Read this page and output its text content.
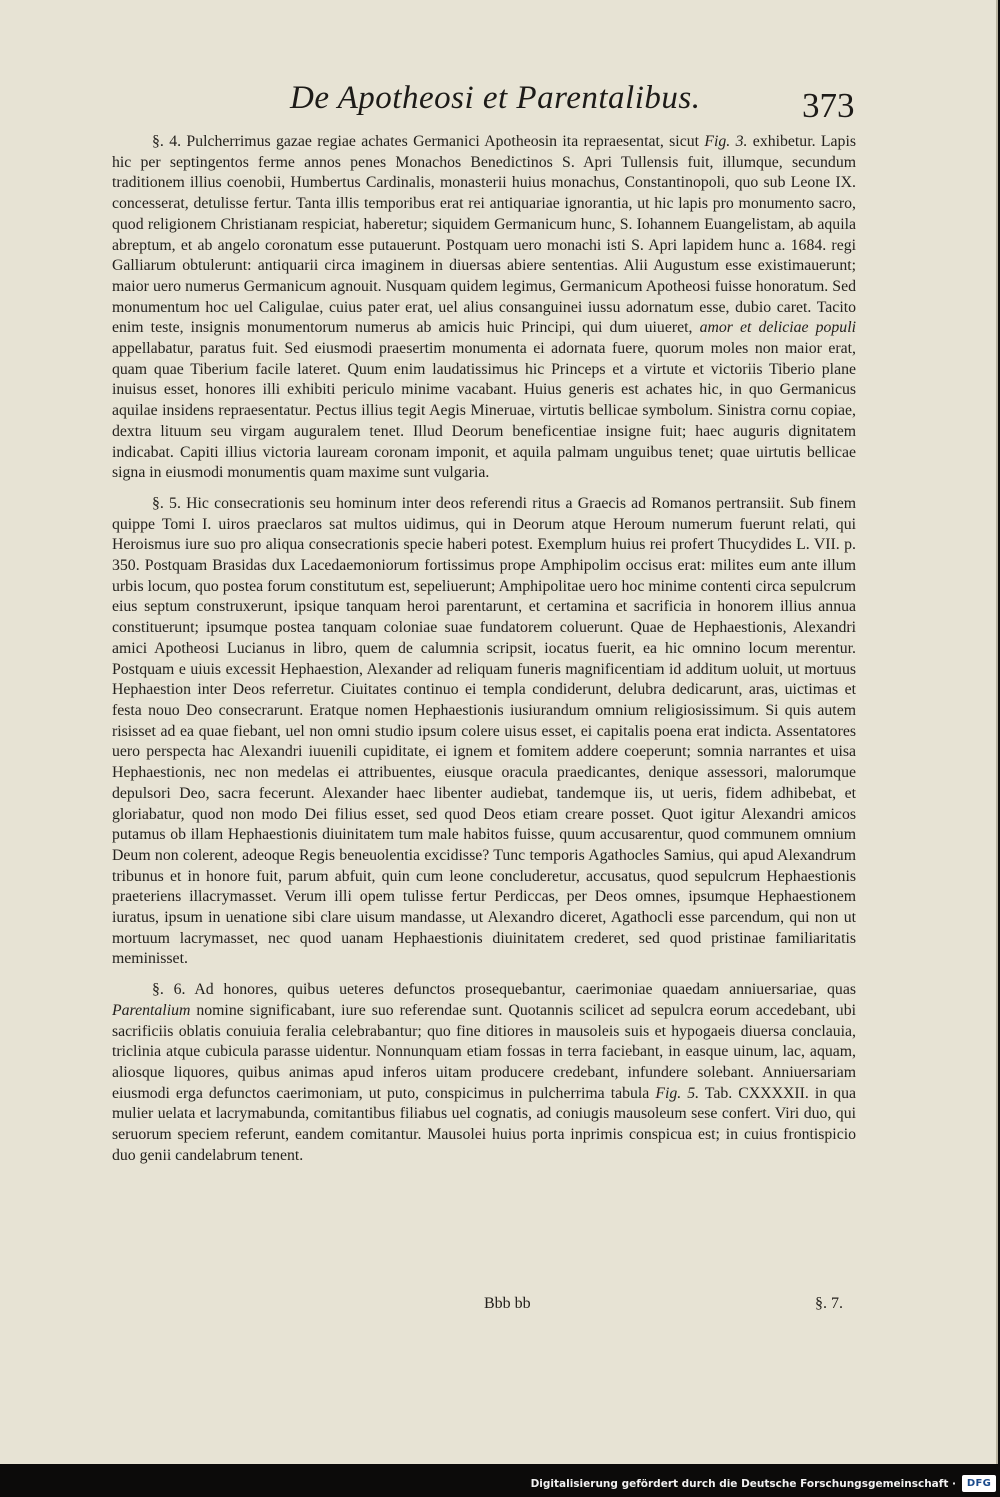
De Apotheosi et Parentalibus.	373

§. 4. Pulcherrimus gazae regiae achates Germanici Apotheosin ita repraesentat, sicut Fig. 3. exhibetur. Lapis hic per septingentos ferme annos penes Monachos Benedictinos S. Apri Tullensis fuit, illumque, secundum traditionem illius coenobii, Humbertus Cardinalis, monasterii huius monachus, Constantinopoli, quo sub Leone IX. concesserat, detulisse fertur. Tanta illis temporibus erat rei antiquariae ignorantia, ut hic lapis pro monumento sacro, quod religionem Christianam respiciat, haberetur; siquidem Germanicum hunc, S. Iohannem Euangelistam, ab aquila abreptum, et ab angelo coronatum esse putauerunt. Postquam uero monachi isti S. Apri lapidem hunc a. 1684. regi Galliarum obtulerunt: antiquarii circa imaginem in diuersas abiere sententias. Alii Augustum esse existimauerunt; maior uero numerus Germanicum agnouit. Nusquam quidem legimus, Germanicum Apotheosi fuisse honoratum. Sed monumentum hoc uel Caligulae, cuius pater erat, uel alius consanguinei iussu adornatum esse, dubio caret. Tacito enim teste, insignis monumentorum numerus ab amicis huic Principi, qui dum uiueret, amor et deliciae populi appellabatur, paratus fuit. Sed eiusmodi praesertim monumenta ei adornata fuere, quorum moles non maior erat, quam quae Tiberium facile lateret. Quum enim laudatissimus hic Princeps et a virtute et victoriis Tiberio plane inuisus esset, honores illi exhibiti periculo minime vacabant. Huius generis est achates hic, in quo Germanicus aquilae insidens repraesentatur. Pectus illius tegit Aegis Mineruae, virtutis bellicae symbolum. Sinistra cornu copiae, dextra lituum seu virgam auguralem tenet. Illud Deorum beneficentiae insigne fuit; haec auguris dignitatem indicabat. Capiti illius victoria lauream coronam imponit, et aquila palmam unguibus tenet; quae uirtutis bellicae signa in eiusmodi monumentis quam maxime sunt vulgaria.

§. 5. Hic consecrationis seu hominum inter deos referendi ritus a Graecis ad Romanos pertransiit. Sub finem quippe Tomi I. uiros praeclaros sat multos uidimus, qui in Deorum atque Heroum numerum fuerunt relati, qui Heroismus iure suo pro aliqua consecrationis specie haberi potest. Exemplum huius rei profert Thucydides L. VII. p. 350. Postquam Brasidas dux Lacedaemoniorum fortissimus prope Amphipolim occisus erat: milites eum ante illum urbis locum, quo postea forum constitutum est, sepeliuerunt; Amphipolitae uero hoc minime contenti circa sepulcrum eius septum construxerunt, ipsique tanquam heroi parentarunt, et certamina et sacrificia in honorem illius annua constituerunt; ipsumque postea tanquam coloniae suae fundatorem coluerunt. Quae de Hephaestionis, Alexandri amici Apotheosi Lucianus in libro, quem de calumnia scripsit, iocatus fuerit, ea hic omnino locum merentur. Postquam e uiuis excessit Hephaestion, Alexander ad reliquam funeris magnificentiam id additum uoluit, ut mortuus Hephaestion inter Deos referretur. Ciuitates continuo ei templa condiderunt, delubra dedicarunt, aras, uictimas et festa nouo Deo consecrarunt. Eratque nomen Hephaestionis iusiurandum omnium religiosissimum. Si quis autem risisset ad ea quae fiebant, uel non omni studio ipsum colere uisus esset, ei capitalis poena erat indicta. Assentatores uero perspecta hac Alexandri iuuenili cupiditate, ei ignem et fomitem addere coeperunt; somnia narrantes et uisa Hephaestionis, nec non medelas ei attribuentes, eiusque oracula praedicantes, denique assessori, malorumque depulsori Deo, sacra fecerunt. Alexander haec libenter audiebat, tandemque iis, ut ueris, fidem adhibebat, et gloriabatur, quod non modo Dei filius esset, sed quod Deos etiam creare posset. Quot igitur Alexandri amicos putamus ob illam Hephaestionis diuinitatem tum male habitos fuisse, quum accusarentur, quod communem omnium Deum non colerent, adeoque Regis beneuolentia excidisse? Tunc temporis Agathocles Samius, qui apud Alexandrum tribunus et in honore fuit, parum abfuit, quin cum leone concluderetur, accusatus, quod sepulcrum Hephaestionis praeteriens illacrymasset. Verum illi opem tulisse fertur Perdiccas, per Deos omnes, ipsumque Hephaestionem iuratus, ipsum in uenatione sibi clare uisum mandasse, ut Alexandro diceret, Agathocli esse parcendum, qui non ut mortuum lacrymasset, nec quod uanam Hephaestionis diuinitatem crederet, sed quod pristinae familiaritatis meminisset.

§. 6. Ad honores, quibus ueteres defunctos prosequebantur, caerimoniae quaedam anniuersariae, quas Parentalium nomine significabant, iure suo referendae sunt. Quotannis scilicet ad sepulcra eorum accedebant, ubi sacrificiis oblatis conuiuia feralia celebrabantur; quo fine ditiores in mausoleis suis et hypogaeis diuersa conclauia, triclinia atque cubicula parasse uidentur. Nonnunquam etiam fossas in terra faciebant, in easque uinum, lac, aquam, aliosque liquores, quibus animas apud inferos uitam producere credebant, infundere solebant. Anniuersariam eiusmodi erga defunctos caerimoniam, ut puto, conspicimus in pulcherrima tabula Fig. 5. Tab. CXXXXII. in qua mulier uelata et lacrymabunda, comitantibus filiabus uel cognatis, ad coniugis mausoleum sese confert. Viri duo, qui seruorum speciem referunt, eandem comitantur. Mausolei huius porta inprimis conspicua est; in cuius frontispicio duo genii candelabrum tenent.

Bbb bb	§. 7.
Digitalisierung gefördert durch die Deutsche Forschungsgemeinschaft · DFG
